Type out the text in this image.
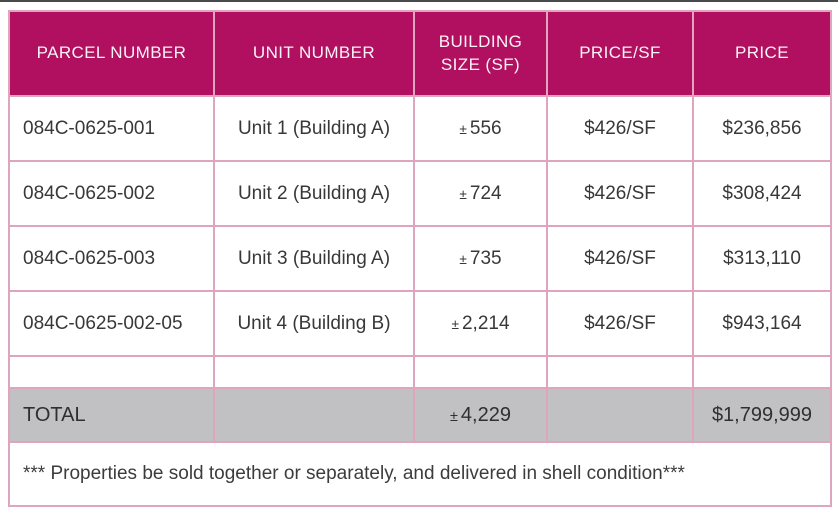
PARCEL NUMBER	UNIT NUMBER	BUILDING SIZE (SF)	PRICE/SF	PRICE
084C-0625-001	Unit 1 (Building A)	± 556	$426/SF	$236,856
084C-0625-002	Unit 2 (Building A)	± 724	$426/SF	$308,424
084C-0625-003	Unit 3 (Building A)	± 735	$426/SF	$313,110
084C-0625-002-05	Unit 4 (Building B)	± 2,214	$426/SF	$943,164

TOTAL		± 4,229		$1,799,999
*** Properties be sold together or separately, and delivered in shell condition***				
